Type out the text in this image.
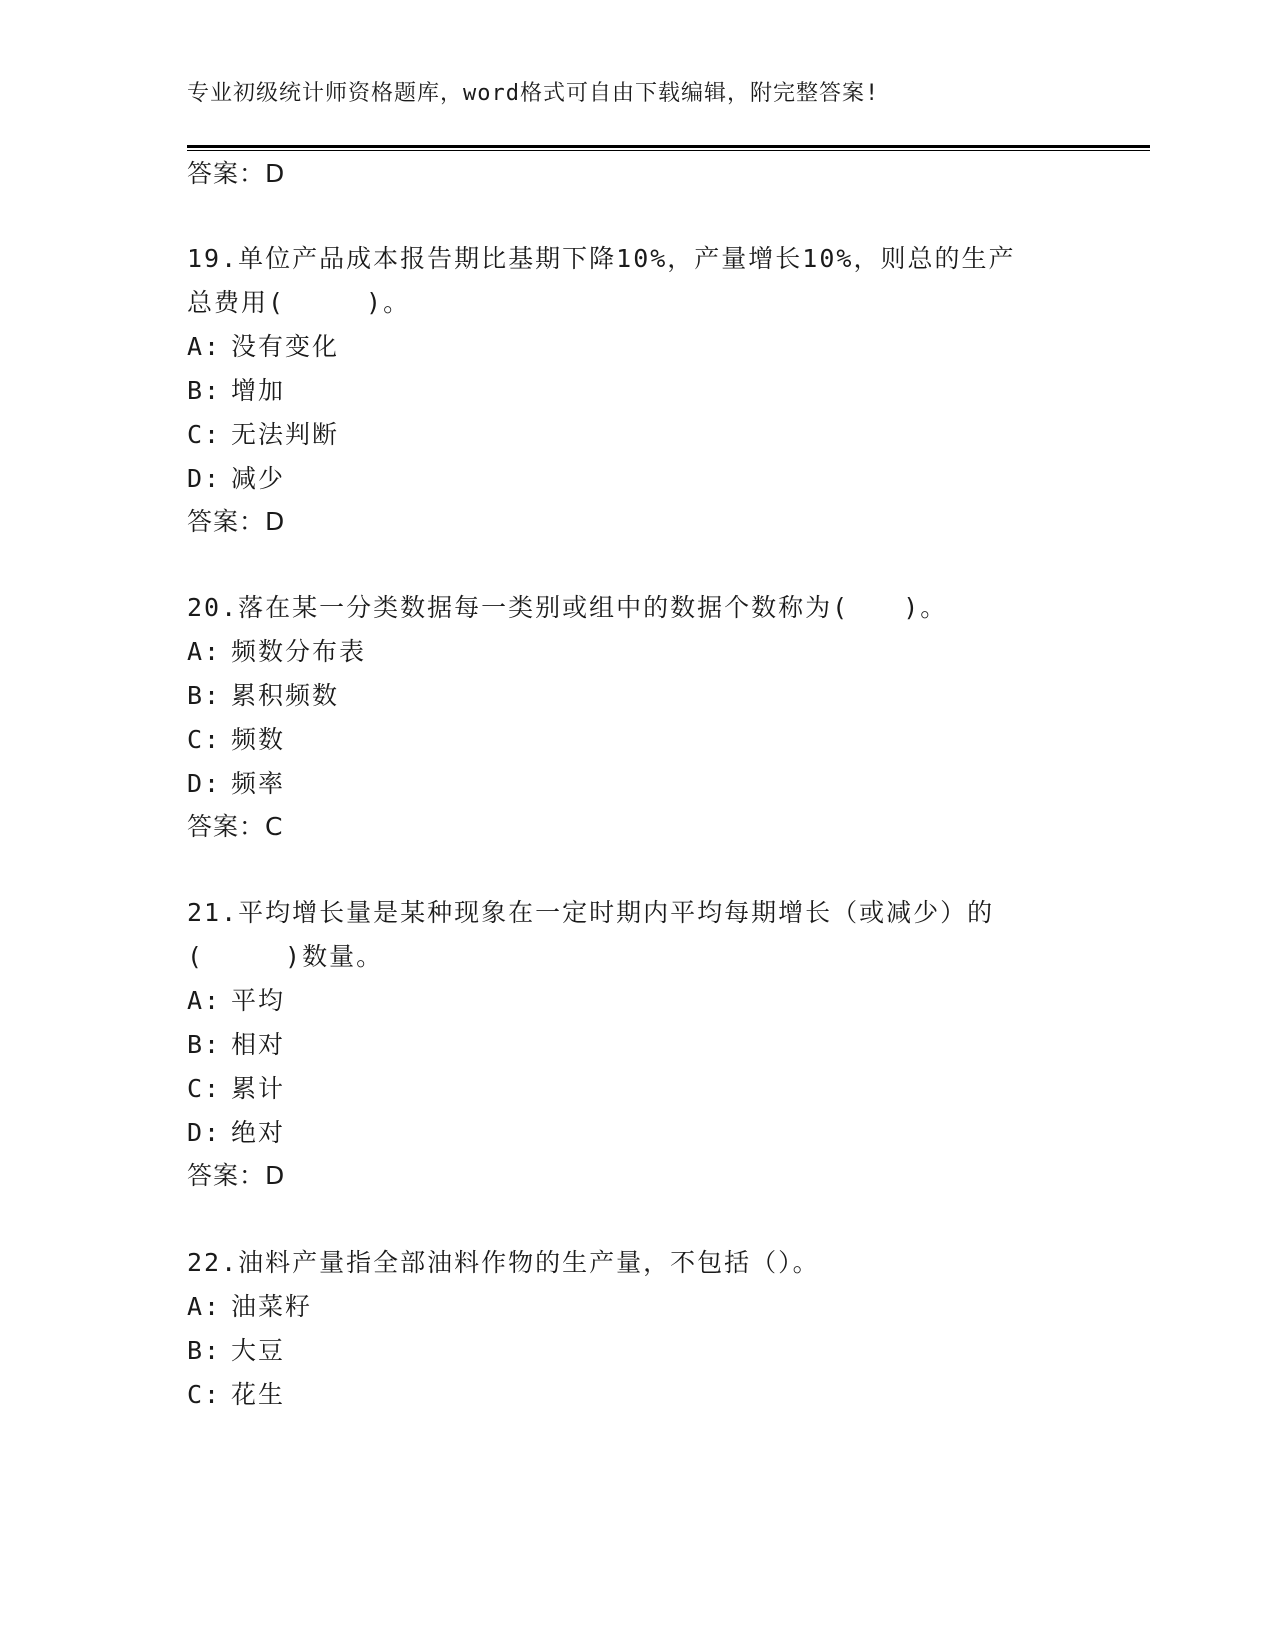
专业初级统计师资格题库，word格式可自由下载编辑，附完整答案!
答案：D
19.单位产品成本报告期比基期下降10%，产量增长10%，则总的生产
总费用(　　　)。
A: 没有变化
B: 增加
C: 无法判断
D: 减少
答案：D
20.落在某一分类数据每一类别或组中的数据个数称为(　　)。
A: 频数分布表
B: 累积频数
C: 频数
D: 频率
答案：C
21.平均增长量是某种现象在一定时期内平均每期增长（或减少）的
(　　　)数量。
A: 平均
B: 相对
C: 累计
D: 绝对
答案：D
22.油料产量指全部油料作物的生产量，不包括（）。
A: 油菜籽
B: 大豆
C: 花生
